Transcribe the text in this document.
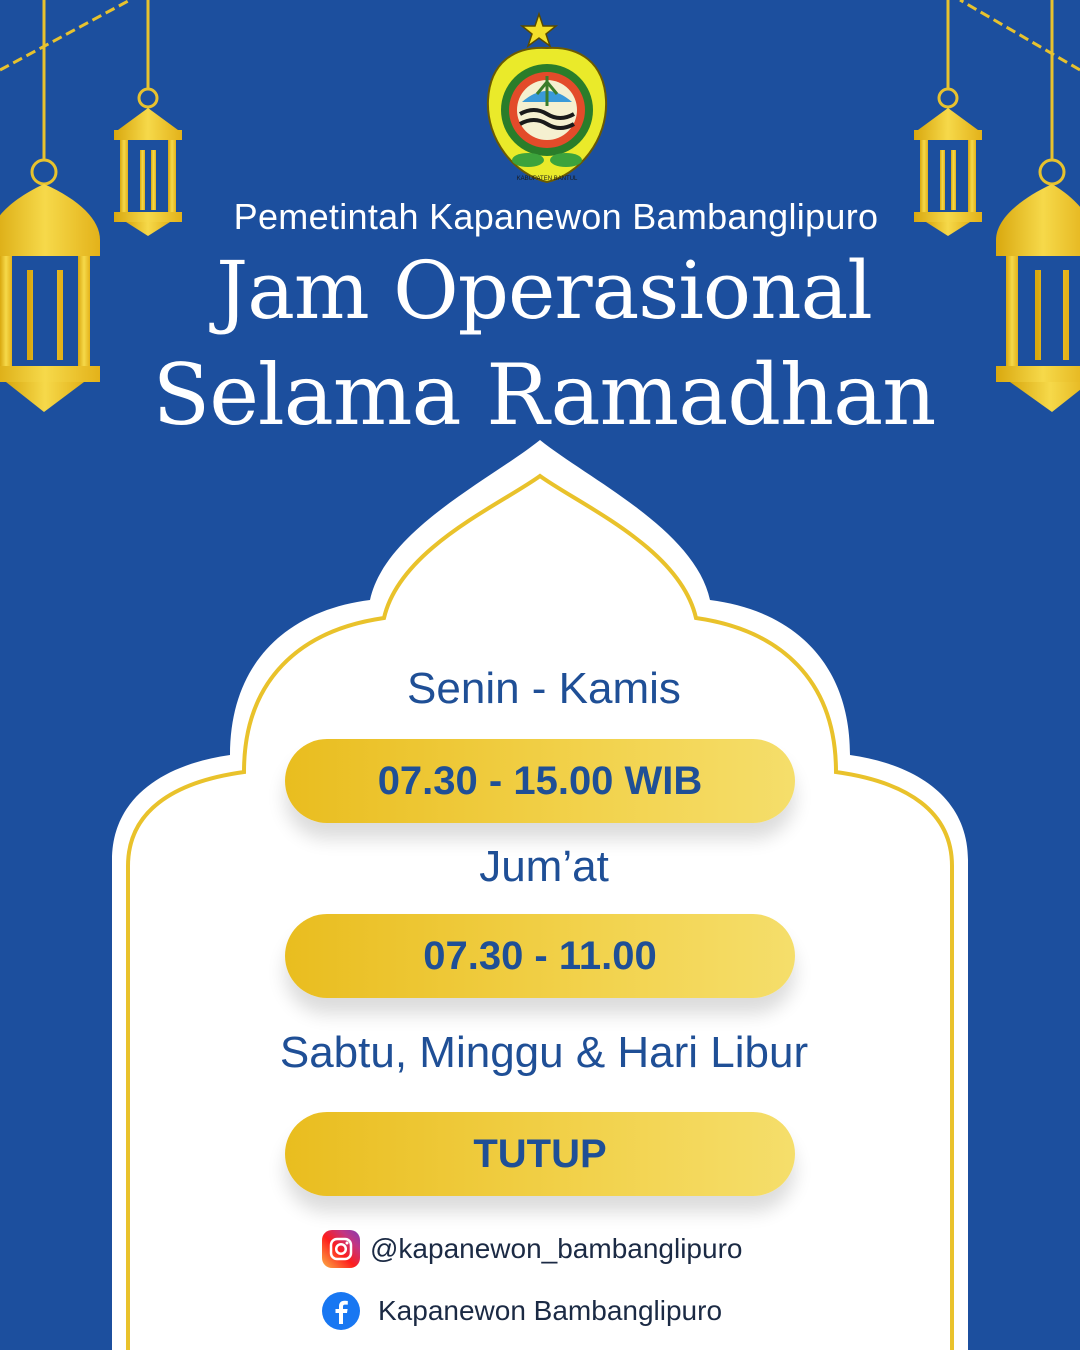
KABUPATEN BANTUL
Pemetintah Kapanewon Bambanglipuro
Jam Operasional
Selama Ramadhan
Senin - Kamis
07.30 - 15.00 WIB
Jum’at
07.30 - 11.00
Sabtu, Minggu & Hari Libur
TUTUP
@kapanewon_bambanglipuro
Kapanewon Bambanglipuro
